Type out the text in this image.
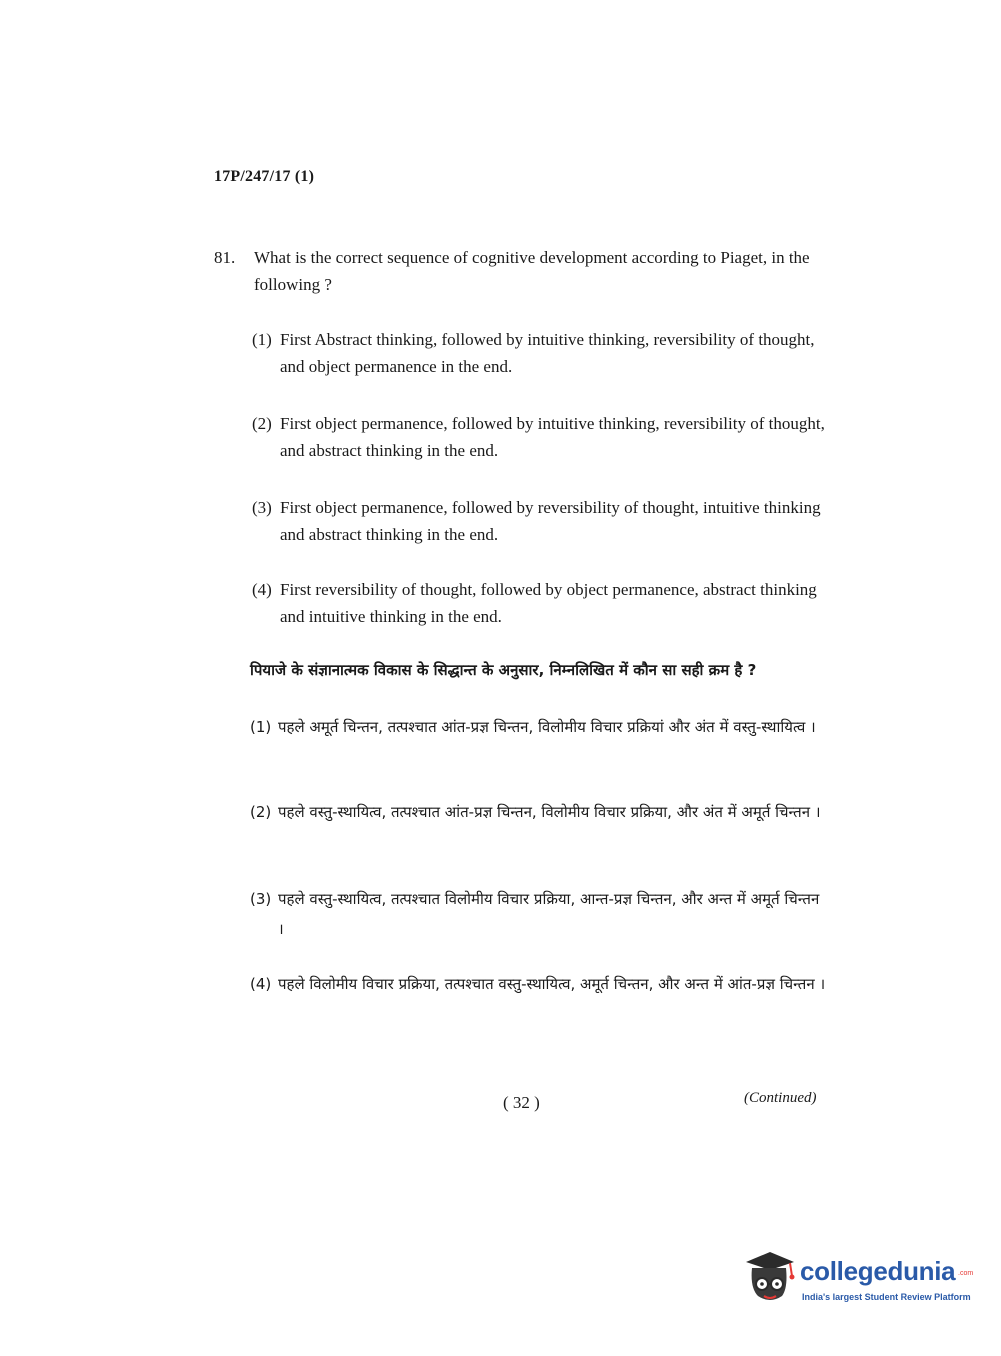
17P/247/17 (1)
81. What is the correct sequence of cognitive development according to Piaget, in the following ?
(1) First Abstract thinking, followed by intuitive thinking, reversibility of thought, and object permanence in the end.
(2) First object permanence, followed by intuitive thinking, reversibility of thought, and abstract thinking in the end.
(3) First object permanence, followed by reversibility of thought, intuitive thinking and abstract thinking in the end.
(4) First reversibility of thought, followed by object permanence, abstract thinking and intuitive thinking in the end.
पियाजे के संज्ञानात्मक विकास के सिद्धान्त के अनुसार, निम्नलिखित में कौन सा सही क्रम है ?
(1) पहले अमूर्त चिन्तन, तत्पश्चात आंत-प्रज्ञ चिन्तन, विलोमीय विचार प्रक्रियां और अंत में वस्तु-स्थायित्व ।
(2) पहले वस्तु-स्थायित्व, तत्पश्चात आंत-प्रज्ञ चिन्तन, विलोमीय विचार प्रक्रिया, और अंत में अमूर्त चिन्तन ।
(3) पहले वस्तु-स्थायित्व, तत्पश्चात विलोमीय विचार प्रक्रिया, आन्त-प्रज्ञ चिन्तन, और अन्त में अमूर्त चिन्तन ।
(4) पहले विलोमीय विचार प्रक्रिया, तत्पश्चात वस्तु-स्थायित्व, अमूर्त चिन्तन, और अन्त में आंत-प्रज्ञ चिन्तन ।
( 32 )	(Continued)
collegedunia .com
India's largest Student Review Platform
